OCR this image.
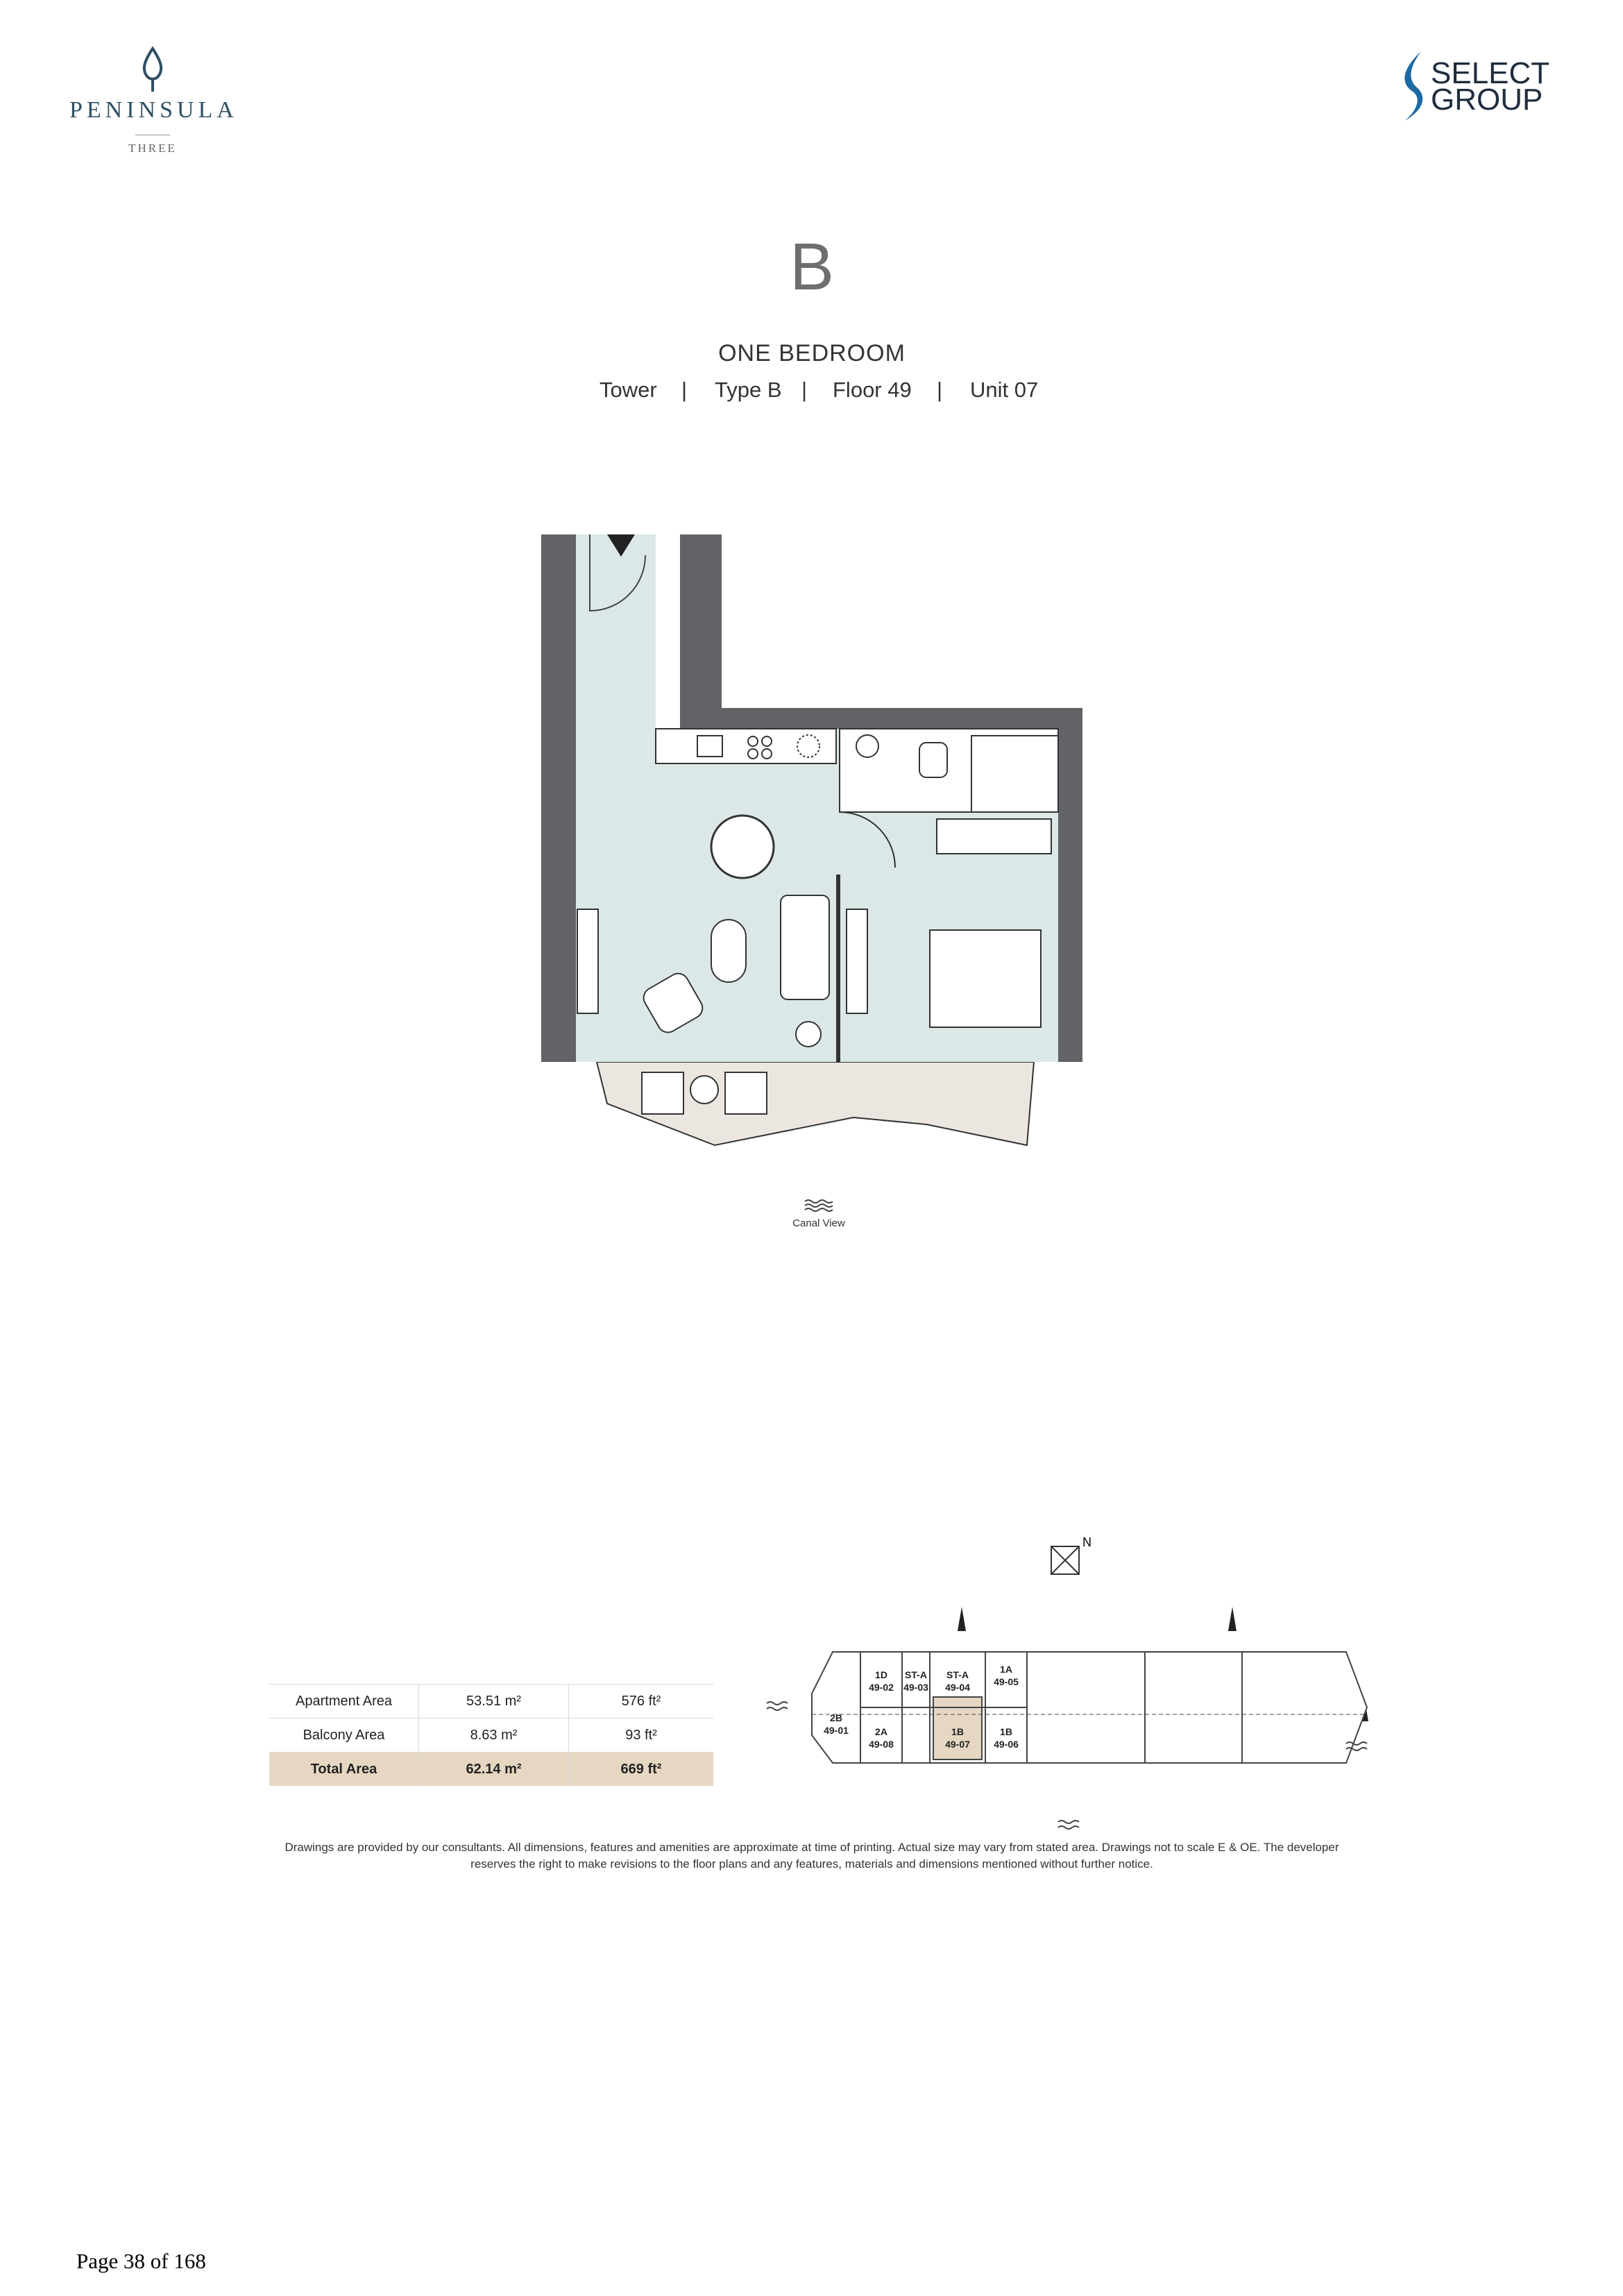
PENINSULA
THREE
SELECT
GROUP
B
ONE BEDROOM
Tower | Type B | Floor 49 | Unit 07
Canal View
Apartment Area	53.51 m²	576 ft²
Balcony Area	8.63 m²	93 ft²
Total Area	62.14 m²	669 ft²
N
1D
49-02
ST-A
49-03
ST-A
49-04
1A
49-05
2B
49-01	2A
49-08
1B
49-07
1B
49-06
Drawings are provided by our consultants. All dimensions, features and amenities are approximate at time of printing. Actual size may vary from stated area. Drawings not to scale E & OE. The developer
reserves the right to make revisions to the floor plans and any features, materials and dimensions mentioned without further notice.
Page 38 of 168
